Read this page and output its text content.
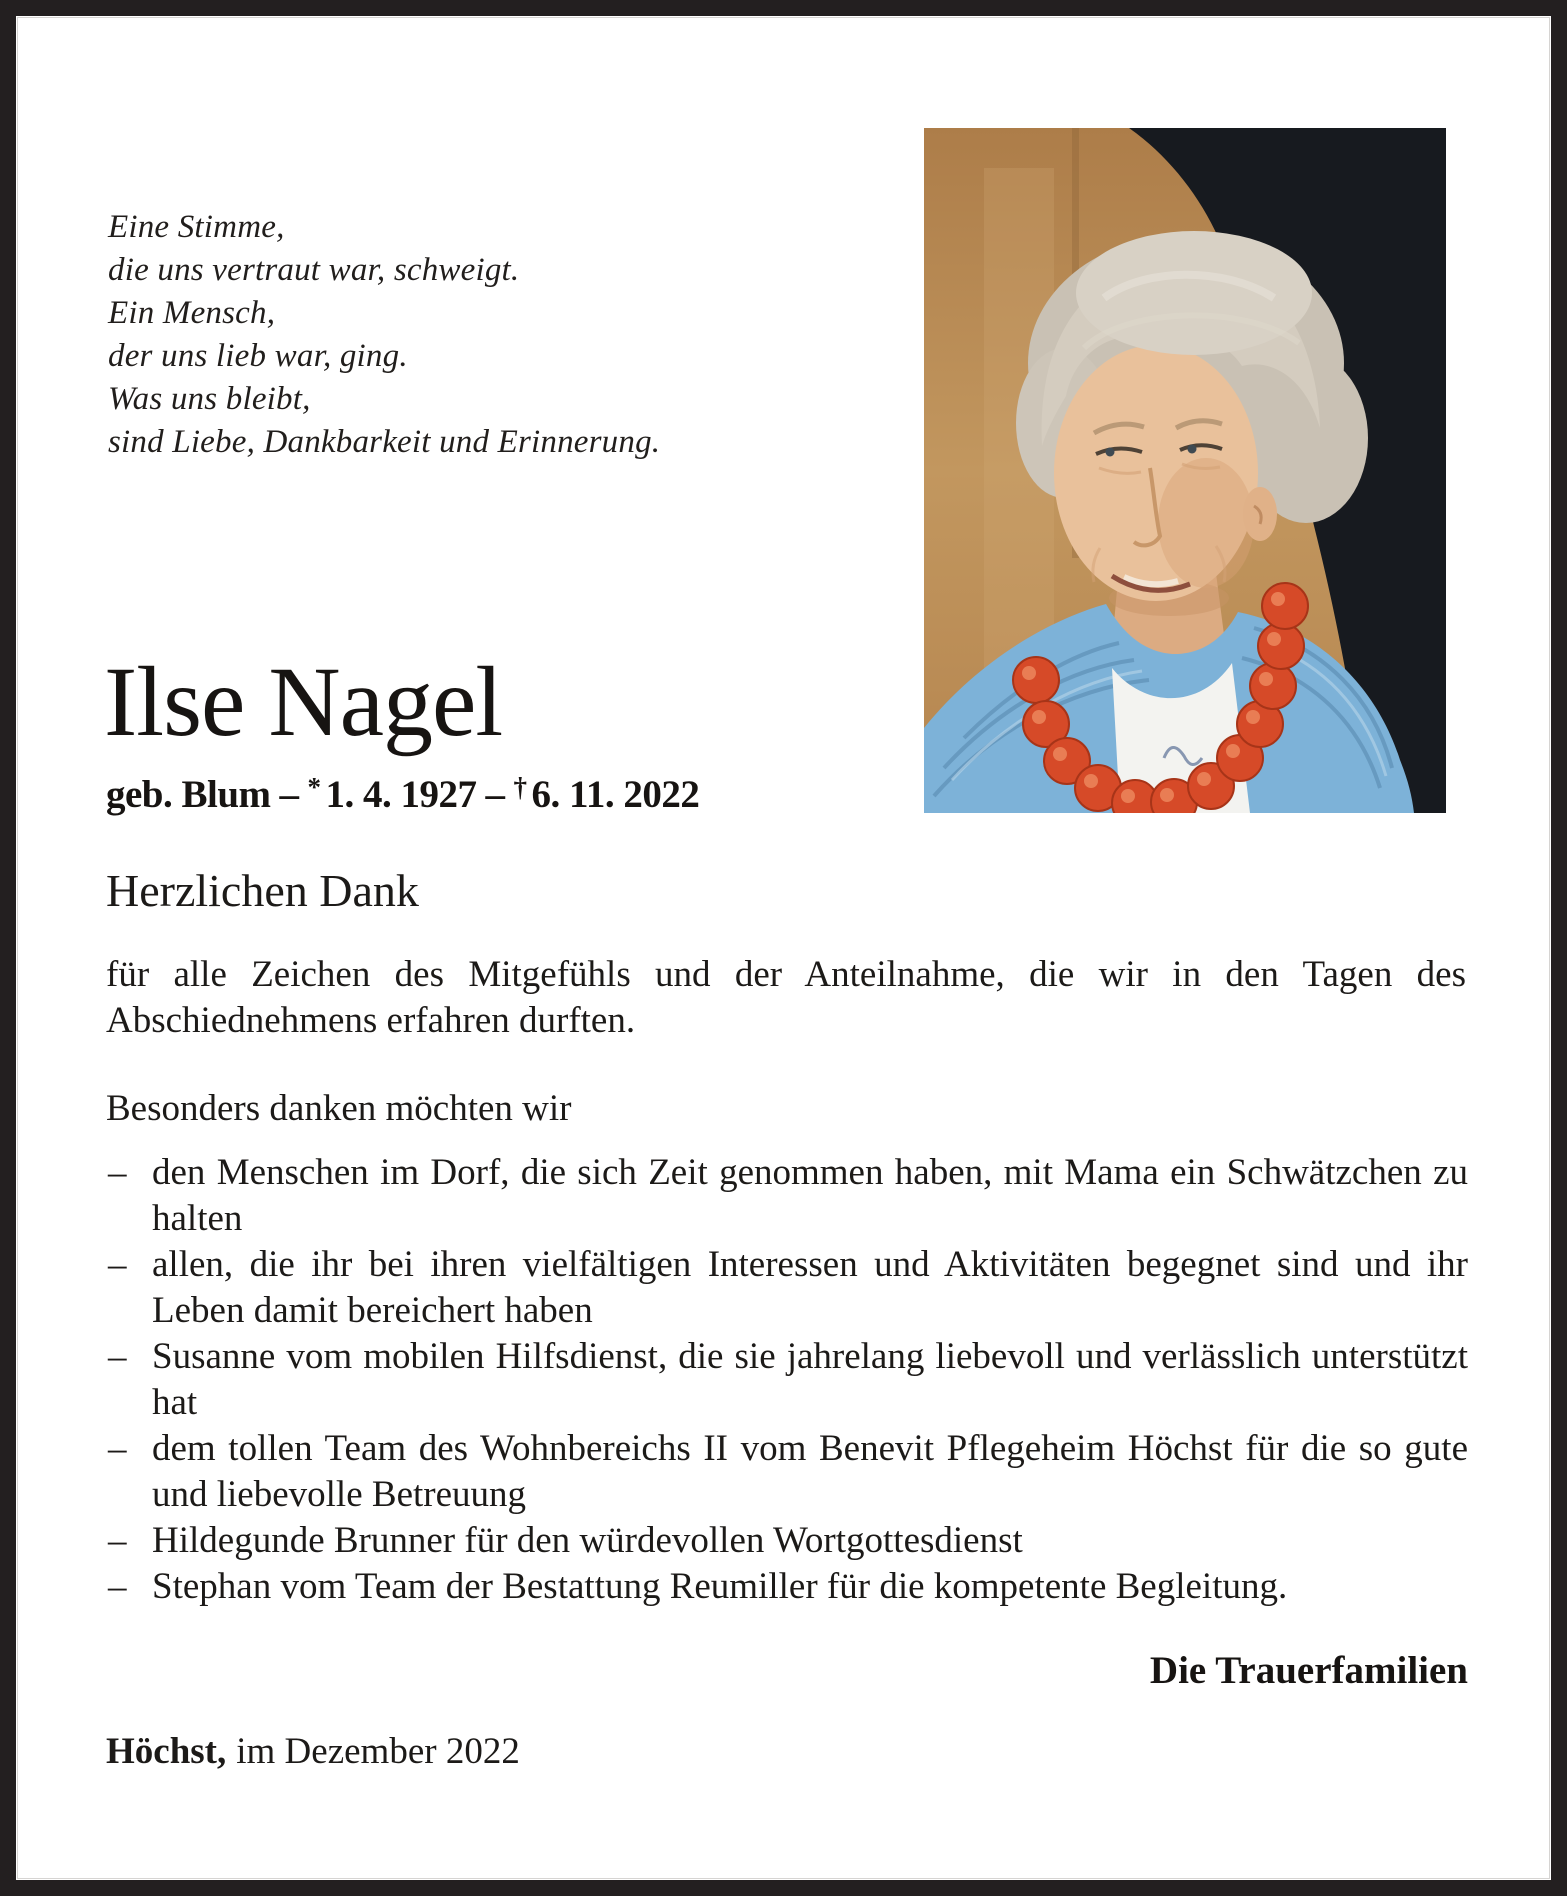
Eine Stimme,
die uns vertraut war, schweigt.
Ein Mensch,
der uns lieb war, ging.
Was uns bleibt,
sind Liebe, Dankbarkeit und Erinnerung.
Ilse Nagel
geb. Blum – * 1. 4. 1927 – † 6. 11. 2022
Herzlichen Dank

für alle Zeichen des Mitgefühls und der Anteilnahme, die wir in den Tagen des Abschiednehmens erfahren durften.

Besonders danken möchten wir

– den Menschen im Dorf, die sich Zeit genommen haben, mit Mama ein Schwätzchen zu halten
– allen, die ihr bei ihren vielfältigen Interessen und Aktivitäten begegnet sind und ihr Leben damit bereichert haben
– Susanne vom mobilen Hilfsdienst, die sie jahrelang liebevoll und verlässlich unterstützt hat
– dem tollen Team des Wohnbereichs II vom Benevit Pflegeheim Höchst für die so gute und liebevolle Betreuung
– Hildegunde Brunner für den würdevollen Wortgottesdienst
– Stephan vom Team der Bestattung Reumiller für die kompetente Begleitung.
Die Trauerfamilien
Höchst, im Dezember 2022
